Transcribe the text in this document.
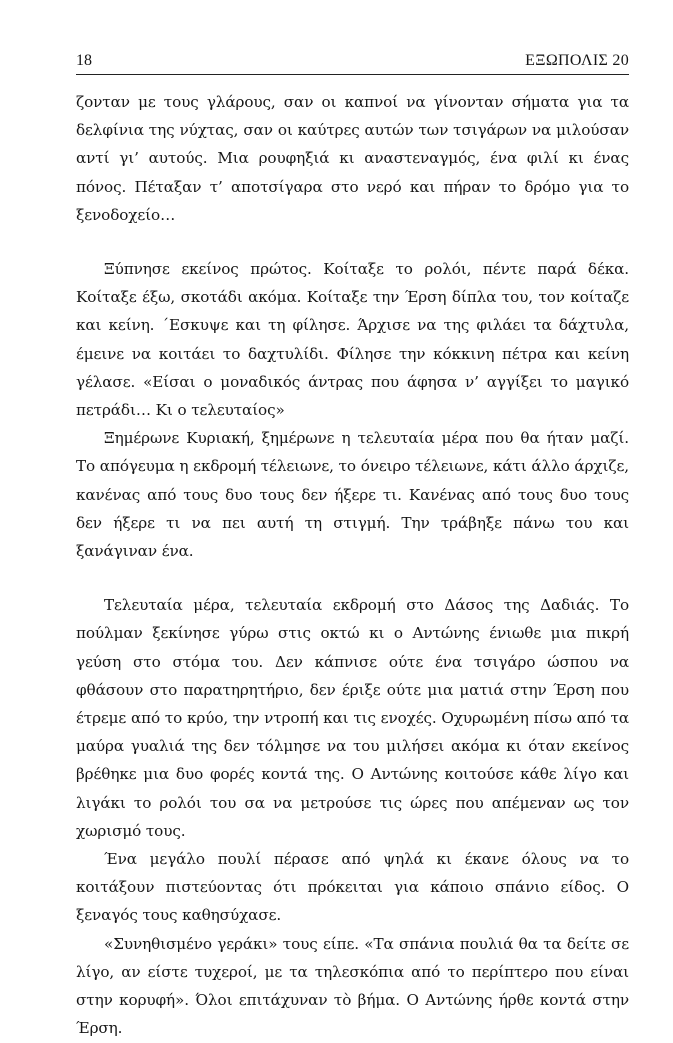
18	ΕΞΩΠΟΛΙΣ 20

ζονταν με τους γλάρους, σαν οι καπνοί να γίνονταν σήματα για τα δελφίνια της νύχτας, σαν οι καύτρες αυτών των τσιγάρων να μιλούσαν αντί γι’ αυτούς. Μια ρουφηξιά κι αναστεναγμός, ένα φιλί κι ένας πόνος. Πέταξαν τ’ αποτσίγαρα στο νερό και πήραν το δρόμο για το ξενοδοχείο…

Ξύπνησε εκείνος πρώτος. Κοίταξε το ρολόι, πέντε παρά δέκα. Κοίταξε έξω, σκοτάδι ακόμα. Κοίταξε την Έρση δίπλα του, τον κοίταζε και κείνη. ΄Εσκυψε και τη φίλησε. Άρχισε να της φιλάει τα δάχτυλα, έμεινε να κοιτάει το δαχτυλίδι. Φίλησε την κόκκινη πέτρα και κείνη γέλασε. «Είσαι ο μοναδικός άντρας που άφησα ν’ αγγίξει το μαγικό πετράδι… Κι ο τελευταίος»

Ξημέρωνε Κυριακή, ξημέρωνε η τελευταία μέρα που θα ήταν μαζί. Το απόγευμα η εκδρομή τέλειωνε, το όνειρο τέλειωνε, κάτι άλλο άρχιζε, κανένας από τους δυο τους δεν ήξερε τι. Κανένας από τους δυο τους δεν ήξερε τι να πει αυτή τη στιγμή. Την τράβηξε πάνω του και ξανάγιναν ένα.

Τελευταία μέρα, τελευταία εκδρομή στο Δάσος της Δαδιάς. Το πούλμαν ξεκίνησε γύρω στις οκτώ κι ο Αντώνης ένιωθε μια πικρή γεύση στο στόμα του. Δεν κάπνισε ούτε ένα τσιγάρο ώσπου να φθάσουν στο παρατηρητήριο, δεν έριξε ούτε μια ματιά στην Έρση που έτρεμε από το κρύο, την ντροπή και τις ενοχές. Οχυρωμένη πίσω από τα μαύρα γυαλιά της δεν τόλμησε να του μιλήσει ακόμα κι όταν εκείνος βρέθηκε μια δυο φορές κοντά της. Ο Αντώνης κοιτούσε κάθε λίγο και λιγάκι το ρολόι του σα να μετρούσε τις ώρες που απέμεναν ως τον χωρισμό τους.

Ένα μεγάλο πουλί πέρασε από ψηλά κι έκανε όλους να το κοιτάξουν πιστεύοντας ότι πρόκειται για κάποιο σπάνιο είδος. Ο ξεναγός τους καθησύχασε.

«Συνηθισμένο γεράκι» τους είπε. «Τα σπάνια πουλιά θα τα δείτε σε λίγο, αν είστε τυχεροί, με τα τηλεσκόπια από το περίπτερο που είναι στην κορυφή». Όλοι επιτάχυναν τὸ βήμα. Ο Αντώνης ήρθε κοντά στην Έρση.
